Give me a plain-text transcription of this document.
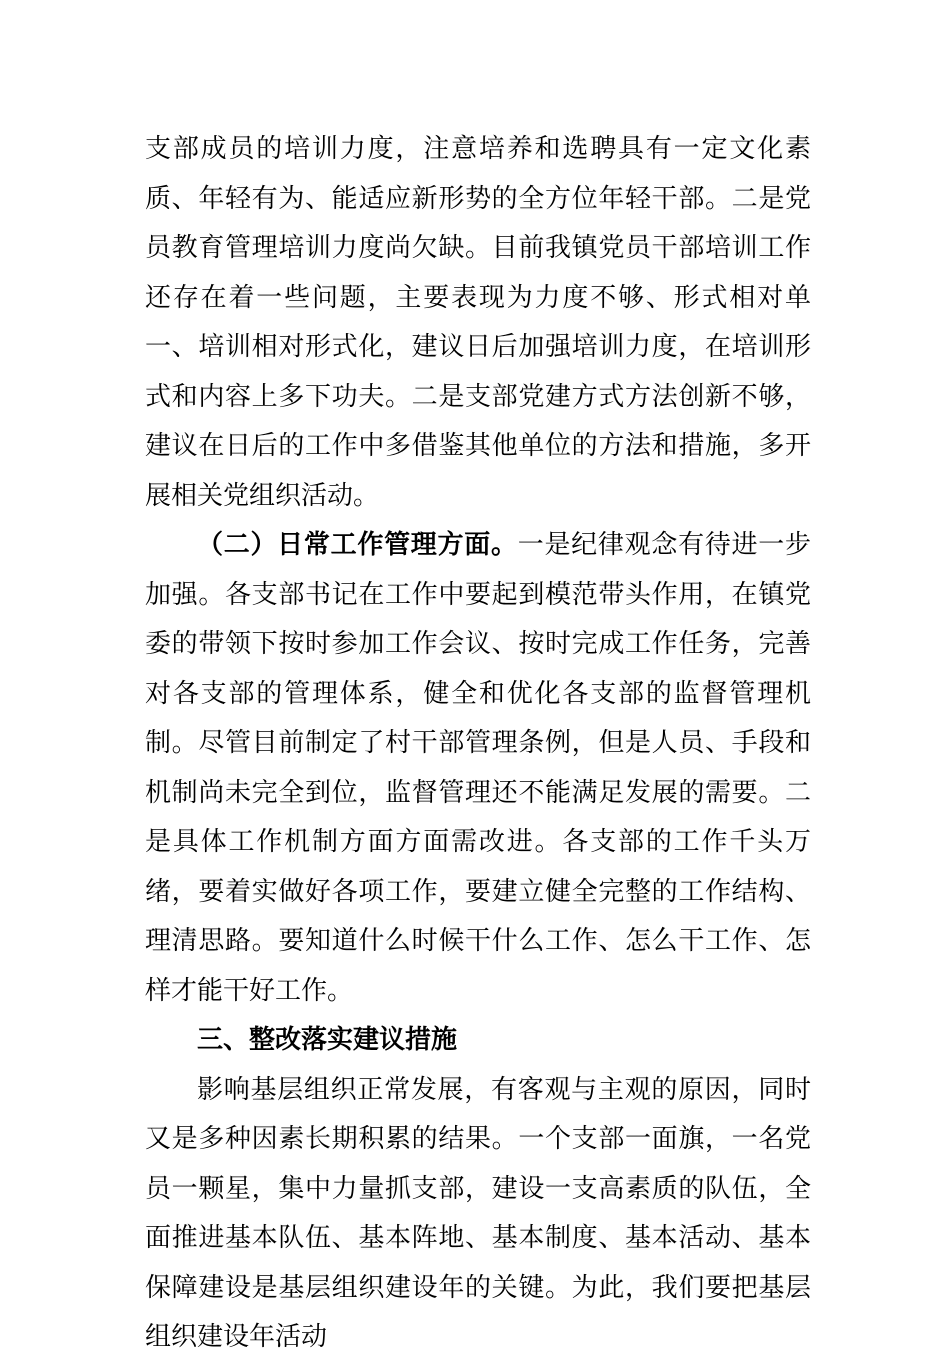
支部成员的培训力度，注意培养和选聘具有一定文化素质、年轻有为、能适应新形势的全方位年轻干部。二是党员教育管理培训力度尚欠缺。目前我镇党员干部培训工作还存在着一些问题，主要表现为力度不够、形式相对单一、培训相对形式化，建议日后加强培训力度，在培训形式和内容上多下功夫。二是支部党建方式方法创新不够，建议在日后的工作中多借鉴其他单位的方法和措施，多开展相关党组织活动。

（二）日常工作管理方面。一是纪律观念有待进一步加强。各支部书记在工作中要起到模范带头作用，在镇党委的带领下按时参加工作会议、按时完成工作任务，完善对各支部的管理体系，健全和优化各支部的监督管理机制。尽管目前制定了村干部管理条例，但是人员、手段和机制尚未完全到位，监督管理还不能满足发展的需要。二是具体工作机制方面方面需改进。各支部的工作千头万绪，要着实做好各项工作，要建立健全完整的工作结构、理清思路。要知道什么时候干什么工作、怎么干工作、怎样才能干好工作。

三、整改落实建议措施

影响基层组织正常发展，有客观与主观的原因，同时又是多种因素长期积累的结果。一个支部一面旗，一名党员一颗星，集中力量抓支部，建设一支高素质的队伍，全面推进基本队伍、基本阵地、基本制度、基本活动、基本保障建设是基层组织建设年的关键。为此，我们要把基层组织建设年活动
